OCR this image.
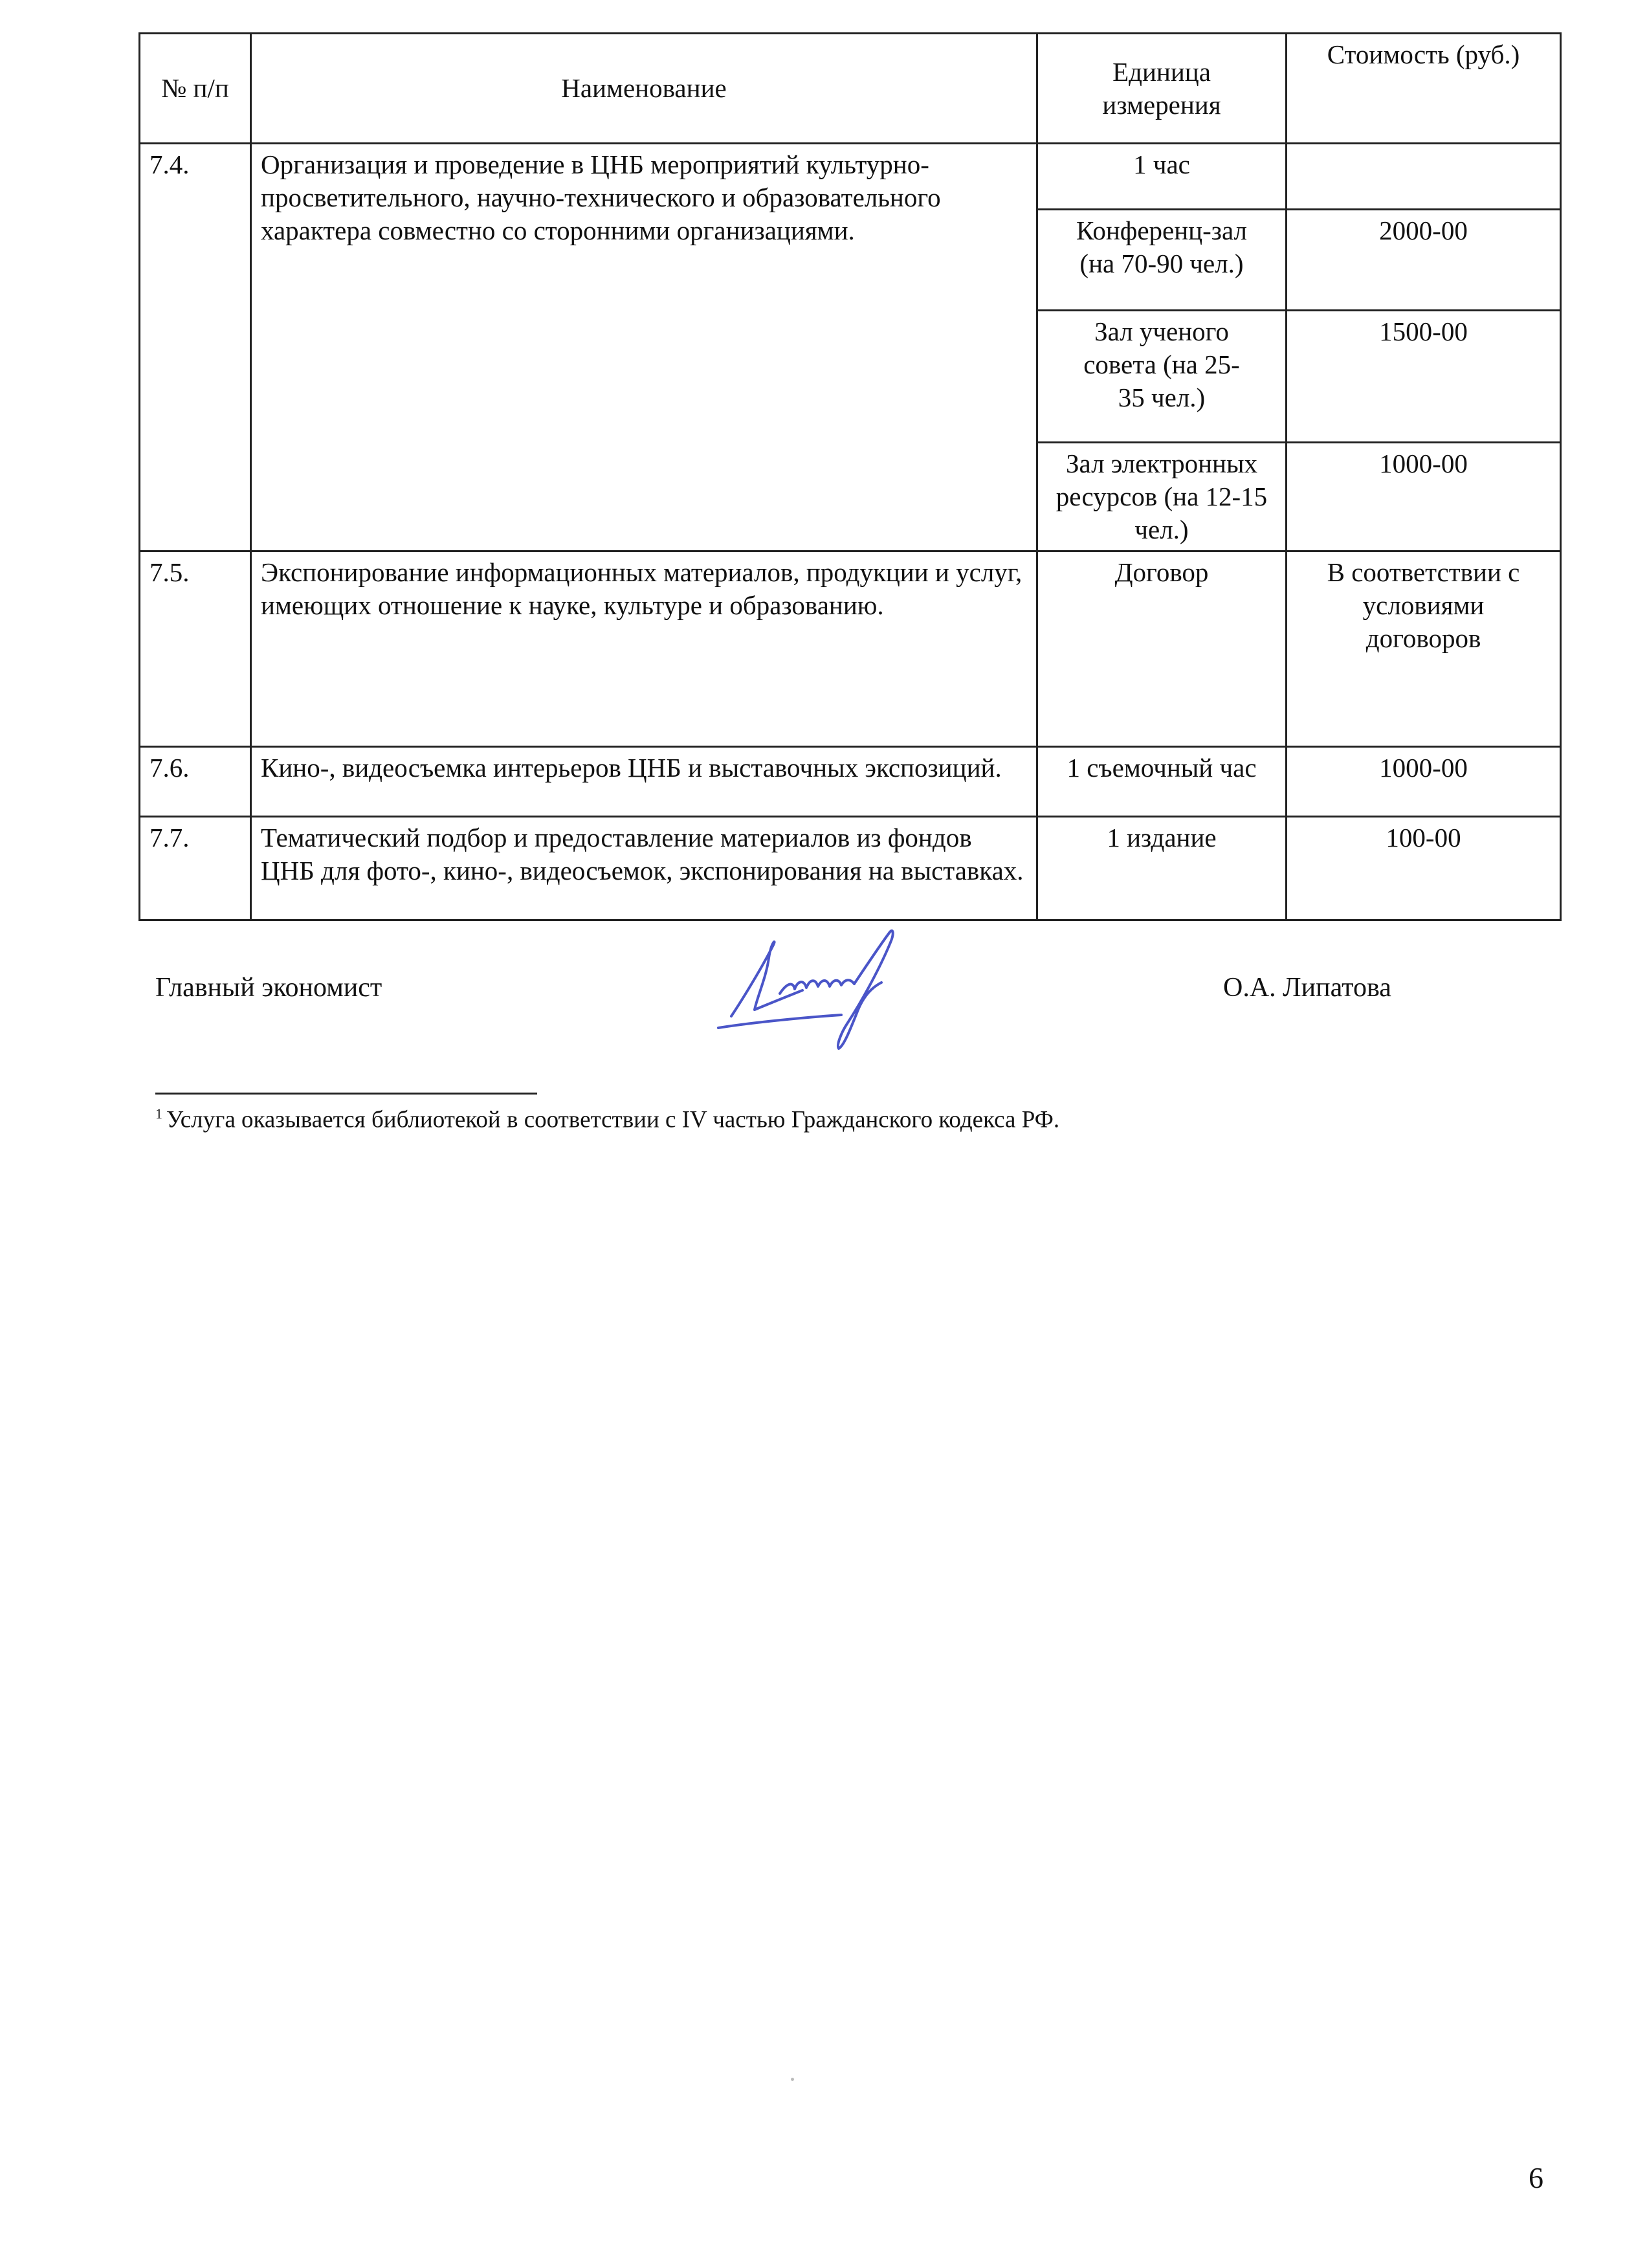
№ п/п	Наименование	Единица измерения	Стоимость (руб.)
7.4.	Организация и проведение в ЦНБ мероприятий культурно-просветительного, научно-технического и образовательного характера совместно со сторонними организациями.	1 час	
		Конференц-зал (на 70-90 чел.)	2000-00
		Зал ученого совета (на 25-35 чел.)	1500-00
		Зал электронных ресурсов (на 12-15 чел.)	1000-00
7.5.	Экспонирование информационных материалов, продукции и услуг, имеющих отношение к науке, культуре и образованию.	Договор	В соответствии с условиями договоров
7.6.	Кино-, видеосъемка интерьеров ЦНБ и выставочных экспозиций.	1 съемочный час	1000-00
7.7.	Тематический подбор и предоставление материалов из фондов ЦНБ для фото-, кино-, видеосъемок, экспонирования на выставках.	1 издание	100-00
Главный экономист	О.А. Липатова
$^1$ Услуга оказывается библиотекой в соответствии с IV частью Гражданского кодекса РФ.
6
